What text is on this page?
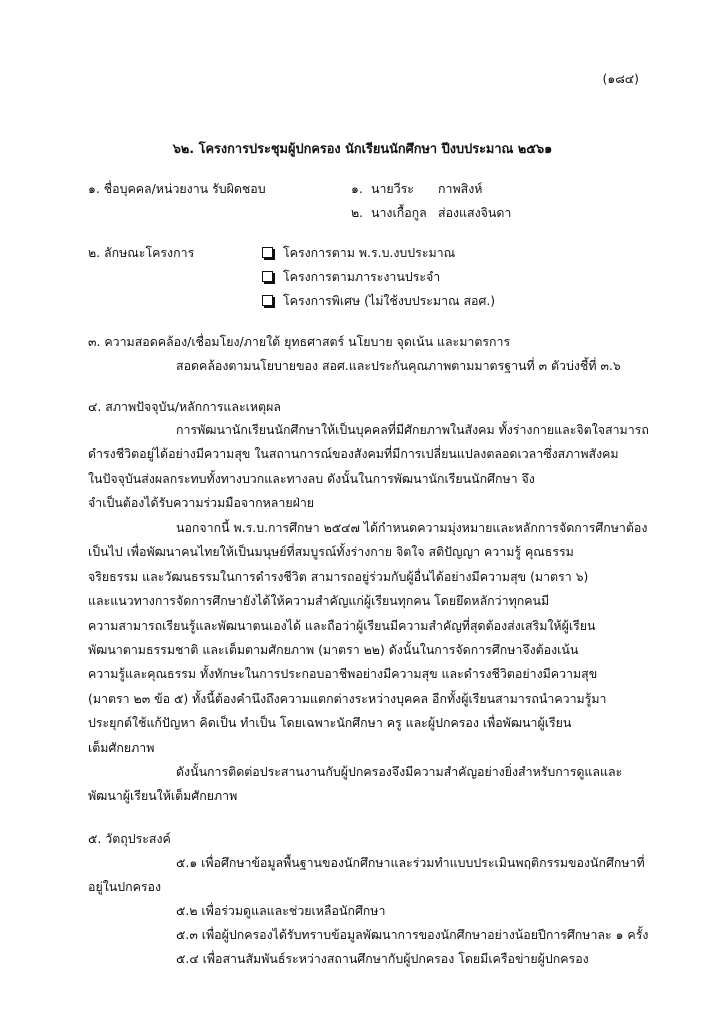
(๑๘๔)
๖๒. โครงการประชุมผู้ปกครอง นักเรียนนักศึกษา ปีงบประมาณ ๒๕๖๑
๑. ชื่อบุคคล/หน่วยงาน รับผิดชอบ	๑. นายวีระ กาพสิงห์
๒. นางเกื้อกูล ส่องแสงจินดา
๒. ลักษณะโครงการ	โครงการตาม พ.ร.บ.งบประมาณ
โครงการตามภาระงานประจำ
โครงการพิเศษ (ไม่ใช้งบประมาณ สอศ.)
๓. ความสอดคล้อง/เชื่อมโยง/ภายใต้ ยุทธศาสตร์ นโยบาย จุดเน้น และมาตรการ
สอดคล้องตามนโยบายของ สอศ.และประกันคุณภาพตามมาตรฐานที่ ๓ ตัวบ่งชี้ที่ ๓.๖
๔. สภาพปัจจุบัน/หลักการและเหตุผล
การพัฒนานักเรียนนักศึกษาให้เป็นบุคคลที่มีศักยภาพในสังคม ทั้งร่างกายและจิตใจสามารถ
ดำรงชีวิตอยู่ได้อย่างมีความสุข ในสถานการณ์ของสังคมที่มีการเปลี่ยนแปลงตลอดเวลาซึ่งสภาพสังคม
ในปัจจุบันส่งผลกระทบทั้งทางบวกและทางลบ ดังนั้นในการพัฒนานักเรียนนักศึกษา จึง
จำเป็นต้องได้รับความร่วมมือจากหลายฝ่าย
นอกจากนี้ พ.ร.บ.การศึกษา ๒๕๔๗ ได้กำหนดความมุ่งหมายและหลักการจัดการศึกษาต้อง
เป็นไป เพื่อพัฒนาคนไทยให้เป็นมนุษย์ที่สมบูรณ์ทั้งร่างกาย จิตใจ สติปัญญา ความรู้ คุณธรรม
จริยธรรม และวัฒนธรรมในการดำรงชีวิต สามารถอยู่ร่วมกับผู้อื่นได้อย่างมีความสุข (มาตรา ๖)
และแนวทางการจัดการศึกษายังได้ให้ความสำคัญแก่ผู้เรียนทุกคน โดยยึดหลักว่าทุกคนมี
ความสามารถเรียนรู้และพัฒนาตนเองได้ และถือว่าผู้เรียนมีความสำคัญที่สุดต้องส่งเสริมให้ผู้เรียน
พัฒนาตามธรรมชาติ และเต็มตามศักยภาพ (มาตรา ๒๒) ดังนั้นในการจัดการศึกษาจึงต้องเน้น
ความรู้และคุณธรรม ทั้งทักษะในการประกอบอาชีพอย่างมีความสุข และดำรงชีวิตอย่างมีความสุข
(มาตรา ๒๓ ข้อ ๕) ทั้งนี้ต้องคำนึงถึงความแตกต่างระหว่างบุคคล อีกทั้งผู้เรียนสามารถนำความรู้มา
ประยุกต์ใช้แก้ปัญหา คิดเป็น ทำเป็น โดยเฉพาะนักศึกษา ครู และผู้ปกครอง เพื่อพัฒนาผู้เรียน
เต็มศักยภาพ
ดังนั้นการติดต่อประสานงานกับผู้ปกครองจึงมีความสำคัญอย่างยิ่งสำหรับการดูแลและ
พัฒนาผู้เรียนให้เต็มศักยภาพ
๕. วัตถุประสงค์
๕.๑ เพื่อศึกษาข้อมูลพื้นฐานของนักศึกษาและร่วมทำแบบประเมินพฤติกรรมของนักศึกษาที่
อยู่ในปกครอง
๕.๒ เพื่อร่วมดูแลและช่วยเหลือนักศึกษา
๕.๓ เพื่อผู้ปกครองได้รับทราบข้อมูลพัฒนาการของนักศึกษาอย่างน้อยปีการศึกษาละ ๑ ครั้ง
๕.๔ เพื่อสานสัมพันธ์ระหว่างสถานศึกษากับผู้ปกครอง โดยมีเครือข่ายผู้ปกครอง
